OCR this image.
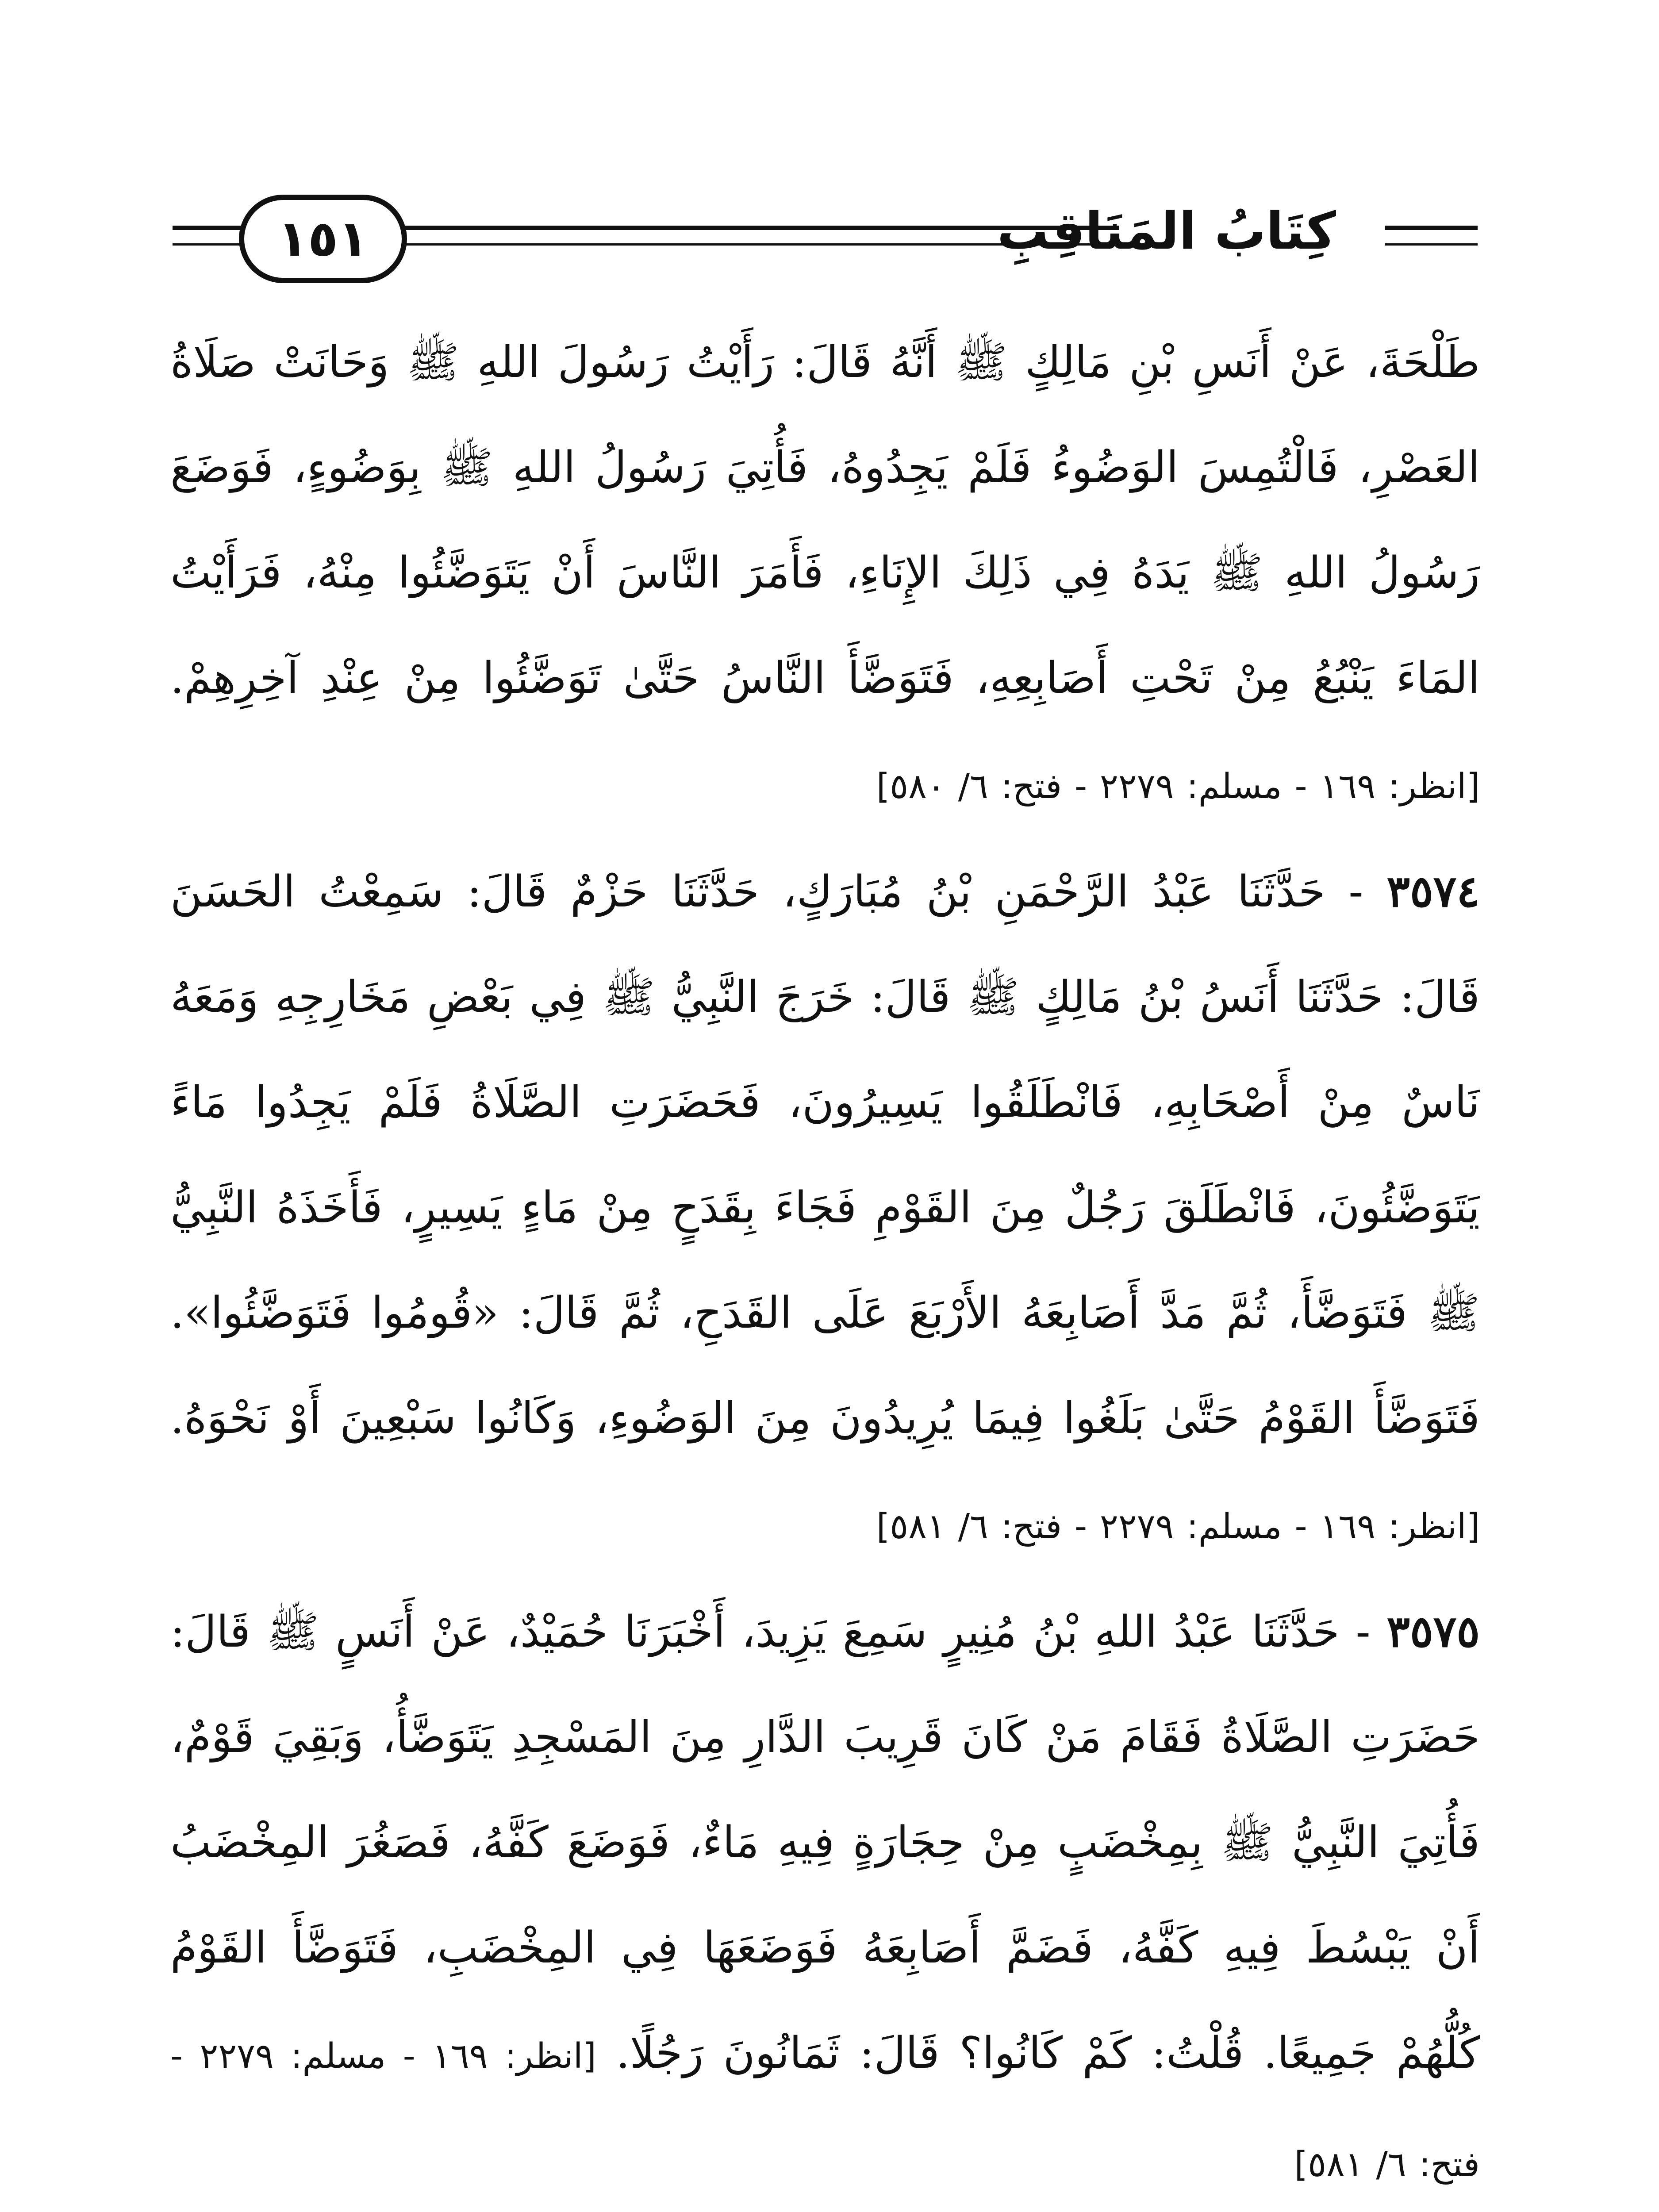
١٥١	كِتَابُ المَنَاقِبِ

طَلْحَةَ، عَنْ أَنَسِ بْنِ مَالِكٍ ﷺ أَنَّهُ قَالَ: رَأَيْتُ رَسُولَ اللهِ ﷺ وَحَانَتْ صَلَاةُ العَصْرِ، فَالْتُمِسَ الوَضُوءُ فَلَمْ يَجِدُوهُ، فَأُتِيَ رَسُولُ اللهِ ﷺ بِوَضُوءٍ، فَوَضَعَ رَسُولُ اللهِ ﷺ يَدَهُ فِي ذَلِكَ الإِنَاءِ، فَأَمَرَ النَّاسَ أَنْ يَتَوَضَّئُوا مِنْهُ، فَرَأَيْتُ المَاءَ يَنْبُعُ مِنْ تَحْتِ أَصَابِعِهِ، فَتَوَضَّأَ النَّاسُ حَتَّىٰ تَوَضَّئُوا مِنْ عِنْدِ آخِرِهِمْ. [انظر: ١٦٩ - مسلم: ٢٢٧٩ - فتح: ٦/ ٥٨٠]

٣٥٧٤ - حَدَّثَنَا عَبْدُ الرَّحْمَنِ بْنُ مُبَارَكٍ، حَدَّثَنَا حَزْمٌ قَالَ: سَمِعْتُ الحَسَنَ قَالَ: حَدَّثَنَا أَنَسُ بْنُ مَالِكٍ ﷺ قَالَ: خَرَجَ النَّبِيُّ ﷺ فِي بَعْضِ مَخَارِجِهِ وَمَعَهُ نَاسٌ مِنْ أَصْحَابِهِ، فَانْطَلَقُوا يَسِيرُونَ، فَحَضَرَتِ الصَّلَاةُ فَلَمْ يَجِدُوا مَاءً يَتَوَضَّئُونَ، فَانْطَلَقَ رَجُلٌ مِنَ القَوْمِ فَجَاءَ بِقَدَحٍ مِنْ مَاءٍ يَسِيرٍ، فَأَخَذَهُ النَّبِيُّ ﷺ فَتَوَضَّأَ، ثُمَّ مَدَّ أَصَابِعَهُ الأَرْبَعَ عَلَى القَدَحِ، ثُمَّ قَالَ: «قُومُوا فَتَوَضَّئُوا». فَتَوَضَّأَ القَوْمُ حَتَّىٰ بَلَغُوا فِيمَا يُرِيدُونَ مِنَ الوَضُوءِ، وَكَانُوا سَبْعِينَ أَوْ نَحْوَهُ. [انظر: ١٦٩ - مسلم: ٢٢٧٩ - فتح: ٦/ ٥٨١]

٣٥٧٥ - حَدَّثَنَا عَبْدُ اللهِ بْنُ مُنِيرٍ سَمِعَ يَزِيدَ، أَخْبَرَنَا حُمَيْدٌ، عَنْ أَنَسٍ ﷺ قَالَ: حَضَرَتِ الصَّلَاةُ فَقَامَ مَنْ كَانَ قَرِيبَ الدَّارِ مِنَ المَسْجِدِ يَتَوَضَّأُ، وَبَقِيَ قَوْمٌ، فَأُتِيَ النَّبِيُّ ﷺ بِمِخْضَبٍ مِنْ حِجَارَةٍ فِيهِ مَاءٌ، فَوَضَعَ كَفَّهُ، فَصَغُرَ المِخْضَبُ أَنْ يَبْسُطَ فِيهِ كَفَّهُ، فَضَمَّ أَصَابِعَهُ فَوَضَعَهَا فِي المِخْضَبِ، فَتَوَضَّأَ القَوْمُ كُلُّهُمْ جَمِيعًا. قُلْتُ: كَمْ كَانُوا؟ قَالَ: ثَمَانُونَ رَجُلًا. [انظر: ١٦٩ - مسلم: ٢٢٧٩ - فتح: ٦/ ٥٨١]
